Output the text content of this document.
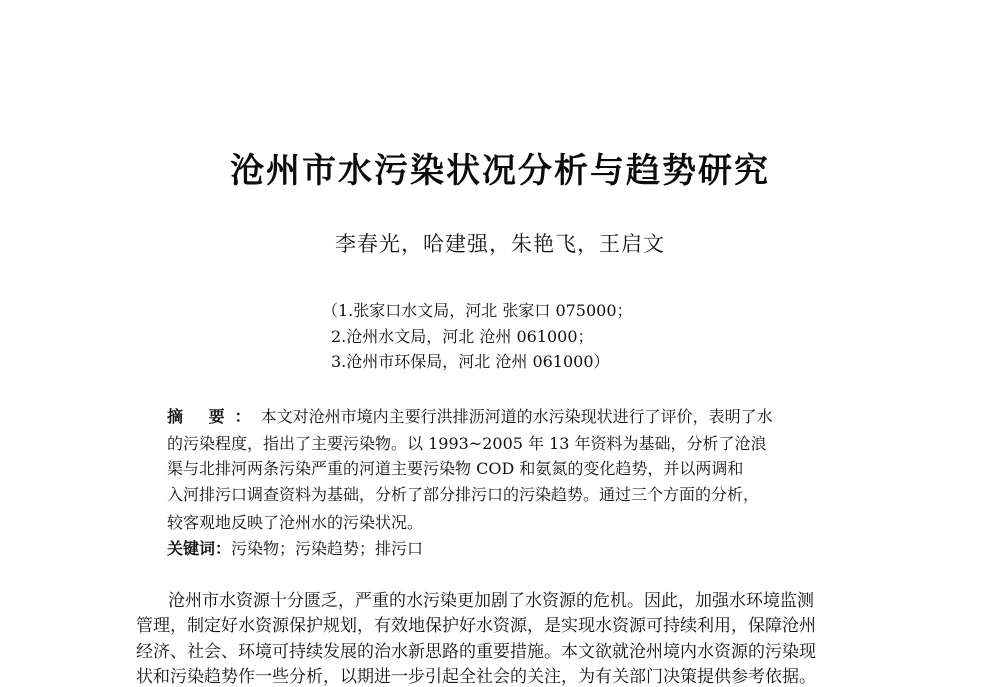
沧州市水污染状况分析与趋势研究
李春光，哈建强，朱艳飞，王启文
（1.张家口水文局，河北 张家口 075000；
2.沧州水文局，河北 沧州 061000；
3.沧州市环保局，河北 沧州 061000）
摘 要：本文对沧州市境内主要行洪排沥河道的水污染现状进行了评价，表明了水
的污染程度，指出了主要污染物。以 1993~2005 年 13 年资料为基础，分析了沧浪
渠与北排河两条污染严重的河道主要污染物 COD 和氨氮的变化趋势，并以两调和
入河排污口调查资料为基础，分析了部分排污口的污染趋势。通过三个方面的分析，
较客观地反映了沧州水的污染状况。
关键词：污染物；污染趋势；排污口
沧州市水资源十分匮乏，严重的水污染更加剧了水资源的危机。因此，加强水环境监测
管理，制定好水资源保护规划，有效地保护好水资源，是实现水资源可持续利用，保障沧州
经济、社会、环境可持续发展的治水新思路的重要措施。本文欲就沧州境内水资源的污染现
状和污染趋势作一些分析，以期进一步引起全社会的关注，为有关部门决策提供参考依据。
